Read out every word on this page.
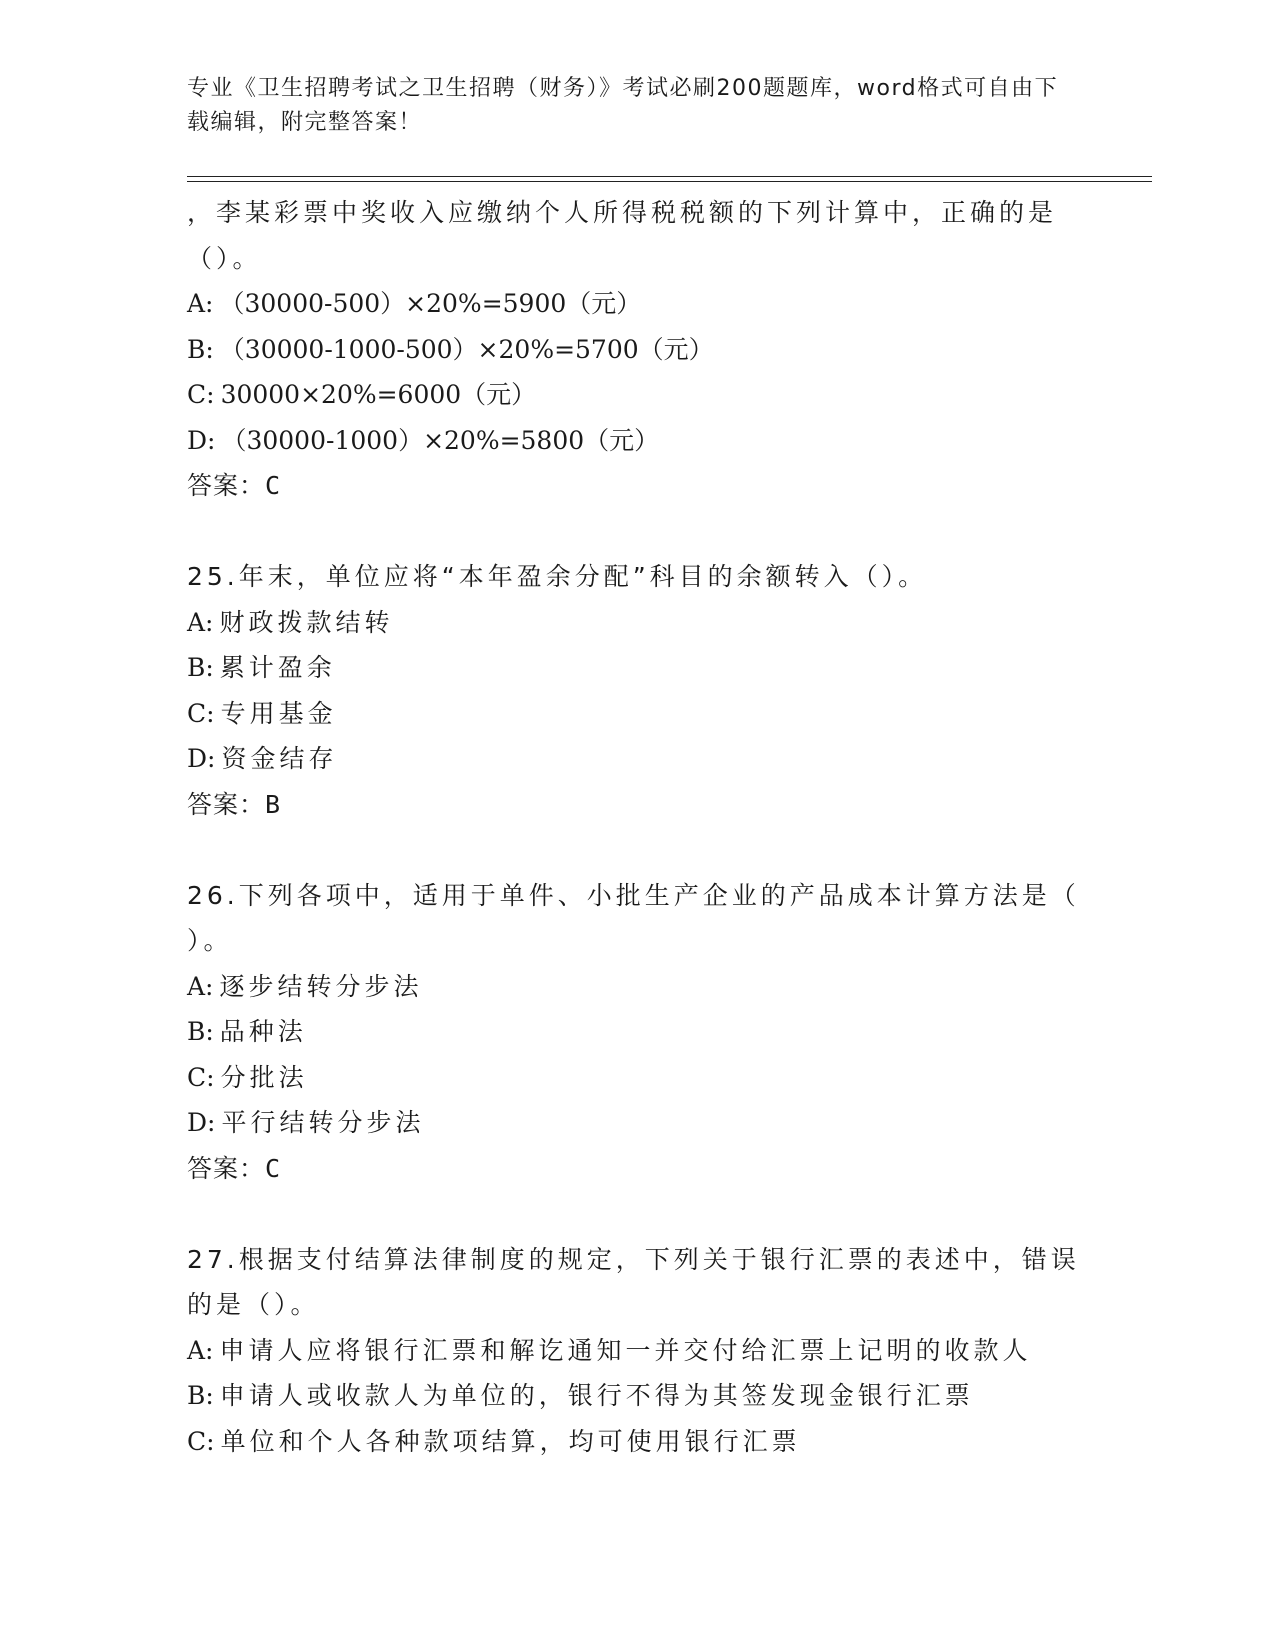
专业《卫生招聘考试之卫生招聘（财务）》考试必刷200题题库，word格式可自由下载编辑，附完整答案！
，李某彩票中奖收入应缴纳个人所得税税额的下列计算中，正确的是
（）。
A: （30000-500）×20%=5900（元）
B: （30000-1000-500）×20%=5700（元）
C: 30000×20%=6000（元）
D: （30000-1000）×20%=5800（元）
答案：C
25.年末，单位应将“本年盈余分配”科目的余额转入（）。
A: 财政拨款结转
B: 累计盈余
C: 专用基金
D: 资金结存
答案：B
26.下列各项中，适用于单件、小批生产企业的产品成本计算方法是（
）。
A: 逐步结转分步法
B: 品种法
C: 分批法
D: 平行结转分步法
答案：C
27.根据支付结算法律制度的规定，下列关于银行汇票的表述中，错误
的是（）。
A: 申请人应将银行汇票和解讫通知一并交付给汇票上记明的收款人
B: 申请人或收款人为单位的，银行不得为其签发现金银行汇票
C: 单位和个人各种款项结算，均可使用银行汇票
